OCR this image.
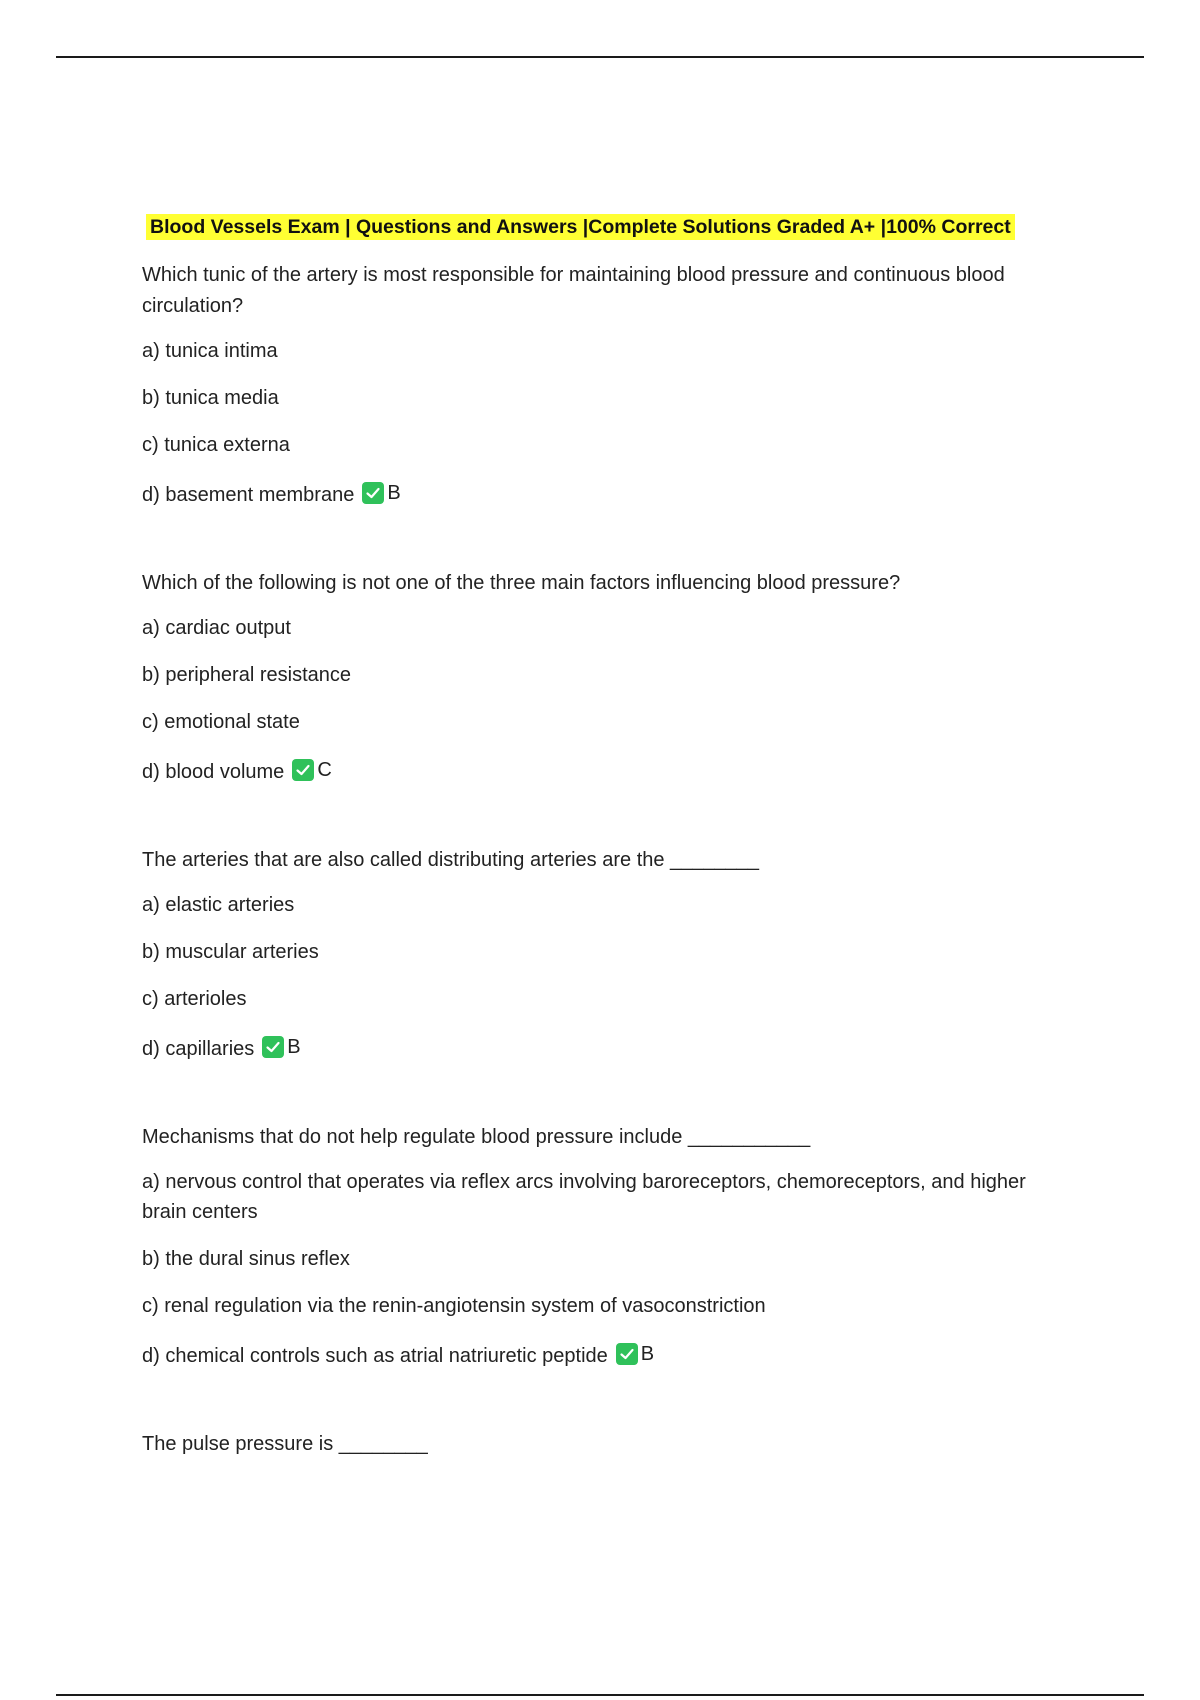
Blood Vessels Exam | Questions and Answers |Complete Solutions Graded A+ |100% Correct

Which tunic of the artery is most responsible for maintaining blood pressure and continuous blood circulation?

a) tunica intima

b) tunica media

c) tunica externa

d) basement membrane B

Which of the following is not one of the three main factors influencing blood pressure?

a) cardiac output

b) peripheral resistance

c) emotional state

d) blood volume C

The arteries that are also called distributing arteries are the ________

a) elastic arteries

b) muscular arteries

c) arterioles

d) capillaries B

Mechanisms that do not help regulate blood pressure include ___________

a) nervous control that operates via reflex arcs involving baroreceptors, chemoreceptors, and higher brain centers

b) the dural sinus reflex

c) renal regulation via the renin-angiotensin system of vasoconstriction

d) chemical controls such as atrial natriuretic peptide B

The pulse pressure is ________
